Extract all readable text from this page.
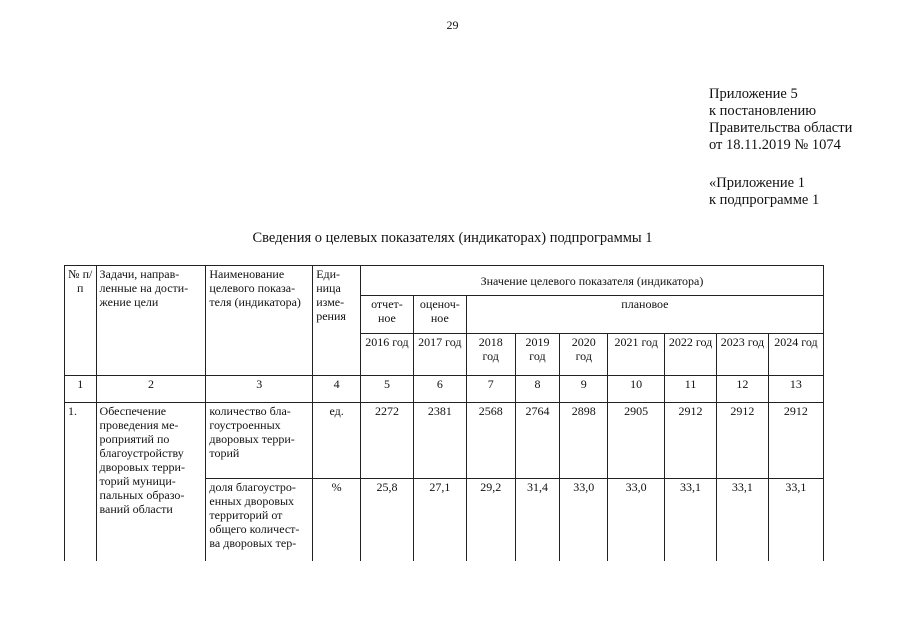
29
Приложение 5
к постановлению
Правительства области
от 18.11.2019 № 1074
«Приложение 1
к подпрограмме 1
Сведения о целевых показателях (индикаторах) подпрограммы 1
№ п/п	Задачи, направ-ленные на дости-жение цели	Наименование целевого показа-теля (индикатора)	Еди-ница изме-рения	Значение целевого показателя (индикатора)								
				отчет-ное	оценоч-ное	плановое						
				2016 год	2017 год	2018 год	2019 год	2020 год	2021 год	2022 год	2023 год	2024 год
1	2	3	4	5	6	7	8	9	10	11	12	13
1.	Обеспечение проведения ме-роприятий по благоустройству дворовых терри-торий муници-пальных образо-ваний области	количество бла-гоустроенных дворовых терри-торий	ед.	2272	2381	2568	2764	2898	2905	2912	2912	2912
		доля благоустро-енных дворовых территорий от общего количест-ва дворовых тер-	%	25,8	27,1	29,2	31,4	33,0	33,0	33,1	33,1	33,1
